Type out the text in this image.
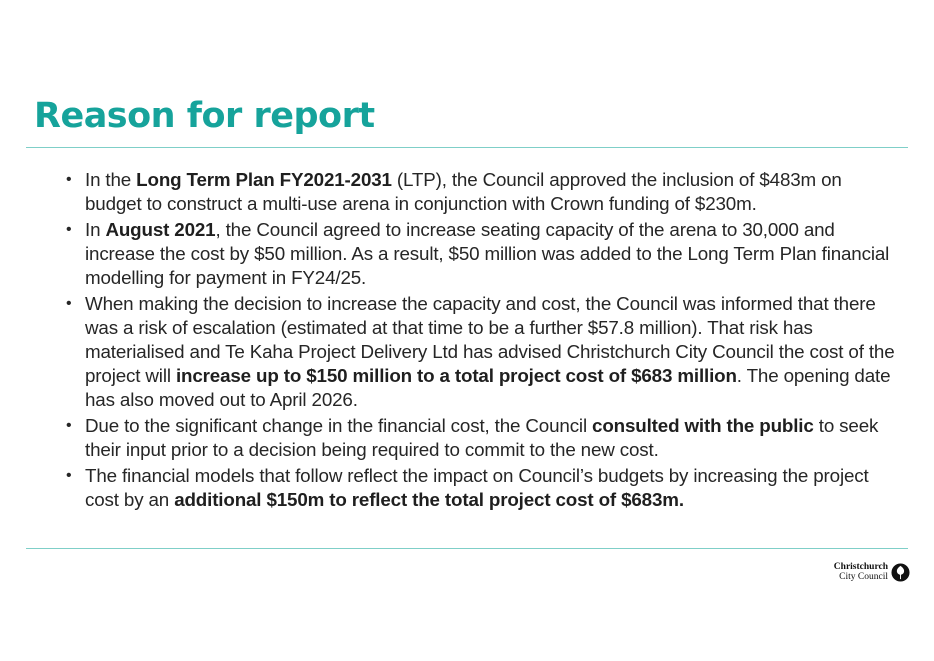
Reason for report
• In the Long Term Plan FY2021-2031 (LTP), the Council approved the inclusion of $483m on budget to construct a multi-use arena in conjunction with Crown funding of $230m.
• In August 2021, the Council agreed to increase seating capacity of the arena to 30,000 and increase the cost by $50 million. As a result, $50 million was added to the Long Term Plan financial modelling for payment in FY24/25.
• When making the decision to increase the capacity and cost, the Council was informed that there was a risk of escalation (estimated at that time to be a further $57.8 million). That risk has materialised and Te Kaha Project Delivery Ltd has advised Christchurch City Council the cost of the project will increase up to $150 million to a total project cost of $683 million. The opening date has also moved out to April 2026.
• Due to the significant change in the financial cost, the Council consulted with the public to seek their input prior to a decision being required to commit to the new cost.
• The financial models that follow reflect the impact on Council’s budgets by increasing the project cost by an additional $150m to reflect the total project cost of $683m.
Christchurch
City Council
